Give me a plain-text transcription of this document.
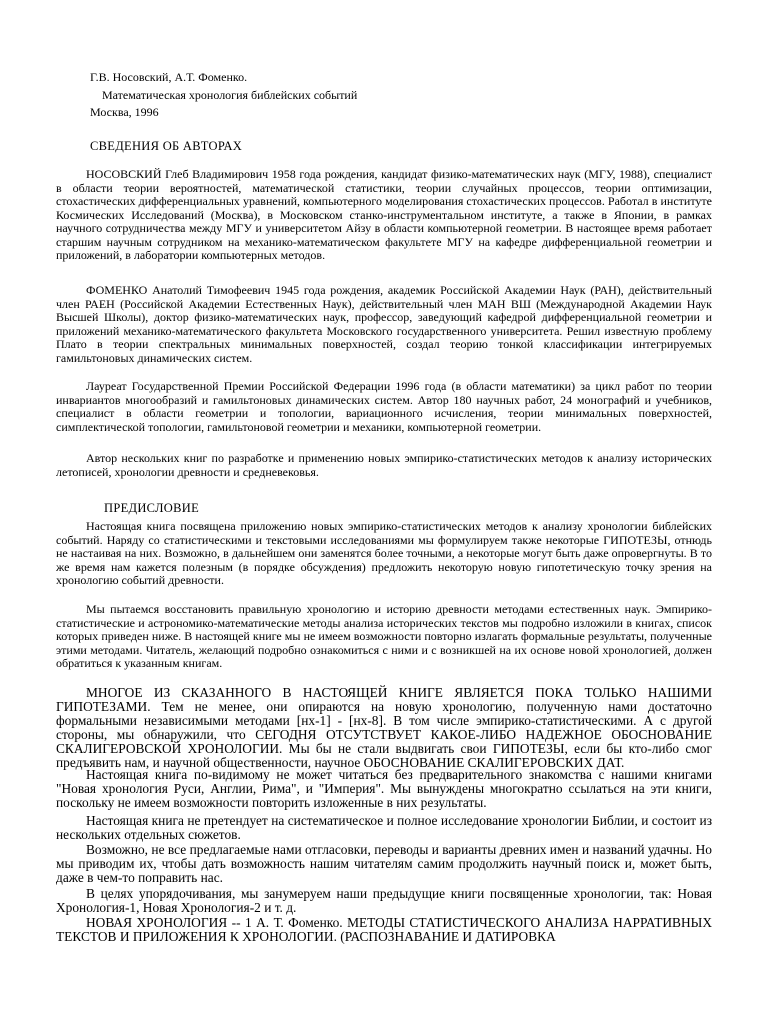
Г.В. Носовский, А.Т. Фоменко.
Математическая хронология библейских событий
Москва, 1996
СВЕДЕНИЯ ОБ АВТОРАХ
НОСОВСКИЙ Глеб Владимирович 1958 года рождения, кандидат физико-математических наук (МГУ, 1988), специалист в области теории вероятностей, математической статистики, теории случайных процессов, теории оптимизации, стохастических дифференциальных уравнений, компьютерного моделирования стохастических процессов. Работал в институте Космических Исследований (Москва), в Московском станко-инструментальном институте, а также в Японии, в рамках научного сотрудничества между МГУ и университетом Айзу в области компьютерной геометрии. В настоящее время работает старшим научным сотрудником на механико-математическом факультете МГУ на кафедре дифференциальной геометрии и приложений, в лаборатории компьютерных методов.
ФОМЕНКО Анатолий Тимофеевич 1945 года рождения, академик Российской Академии Наук (РАН), действительный член РАЕН (Российской Академии Естественных Наук), действительный член МАН ВШ (Международной Академии Наук Высшей Школы), доктор физико-математических наук, профессор, заведующий кафедрой дифференциальной геометрии и приложений механико-математического факультета Московского государственного университета. Решил известную проблему Плато в теории спектральных минимальных поверхностей, создал теорию тонкой классификации интегрируемых гамильтоновых динамических систем.
Лауреат Государственной Премии Российской Федерации 1996 года (в области математики) за цикл работ по теории инвариантов многообразий и гамильтоновых динамических систем. Автор 180 научных работ, 24 монографий и учебников, специалист в области геометрии и топологии, вариационного исчисления, теории минимальных поверхностей, симплектической топологии, гамильтоновой геометрии и механики, компьютерной геометрии.
Автор нескольких книг по разработке и применению новых эмпирико-статистических методов к анализу исторических летописей, хронологии древности и средневековья.
ПРЕДИСЛОВИЕ
Настоящая книга посвящена приложению новых эмпирико-статистических методов к анализу хронологии библейских событий. Наряду со статистическими и текстовыми исследованиями мы формулируем также некоторые ГИПОТЕЗЫ, отнюдь не настаивая на них. Возможно, в дальнейшем они заменятся более точными, а некоторые могут быть даже опровергнуты. В то же время нам кажется полезным (в порядке обсуждения) предложить некоторую новую гипотетическую точку зрения на хронологию событий древности.
Мы пытаемся восстановить правильную хронологию и историю древности методами естественных наук. Эмпирико-статистические и астрономико-математические методы анализа исторических текстов мы подробно изложили в книгах, список которых приведен ниже. В настоящей книге мы не имеем возможности повторно излагать формальные результаты, полученные этими методами. Читатель, желающий подробно ознакомиться с ними и с возникшей на их основе новой хронологией, должен обратиться к указанным книгам.
МНОГОЕ ИЗ СКАЗАННОГО В НАСТОЯЩЕЙ КНИГЕ ЯВЛЯЕТСЯ ПОКА ТОЛЬКО НАШИМИ ГИПОТЕЗАМИ. Тем не менее, они опираются на новую хронологию, полученную нами достаточно формальными независимыми методами [нх-1] - [нх-8]. В том числе эмпирико-статистическими. А с другой стороны, мы обнаружили, что СЕГОДНЯ ОТСУТСТВУЕТ КАКОЕ-ЛИБО НАДЕЖНОЕ ОБОСНОВАНИЕ СКАЛИГЕРОВСКОЙ ХРОНОЛОГИИ. Мы бы не стали выдвигать свои ГИПОТЕЗЫ, если бы кто-либо смог предъявить нам, и научной общественности, научное ОБОСНОВАНИЕ СКАЛИГЕРОВСКИХ ДАТ.
Настоящая книга по-видимому не может читаться без предварительного знакомства с нашими книгами "Новая хронология Руси, Англии, Рима", и "Империя". Мы вынуждены многократно ссылаться на эти книги, поскольку не имеем возможности повторить изложенные в них результаты.
Настоящая книга не претендует на систематическое и полное исследование хронологии Библии, и состоит из нескольких отдельных сюжетов.
Возможно, не все предлагаемые нами отгласовки, переводы и варианты древних имен и названий удачны. Но мы приводим их, чтобы дать возможность нашим читателям самим продолжить научный поиск и, может быть, даже в чем-то поправить нас.
В целях упорядочивания, мы занумеруем наши предыдущие книги посвященные хронологии, так: Новая Хронология-1, Новая Хронология-2 и т. д.
НОВАЯ ХРОНОЛОГИЯ -- 1 А. Т. Фоменко. МЕТОДЫ СТАТИСТИЧЕСКОГО АНАЛИЗА НАРРАТИВНЫХ ТЕКСТОВ И ПРИЛОЖЕНИЯ К ХРОНОЛОГИИ. (РАСПОЗНАВАНИЕ И ДАТИРОВКА
